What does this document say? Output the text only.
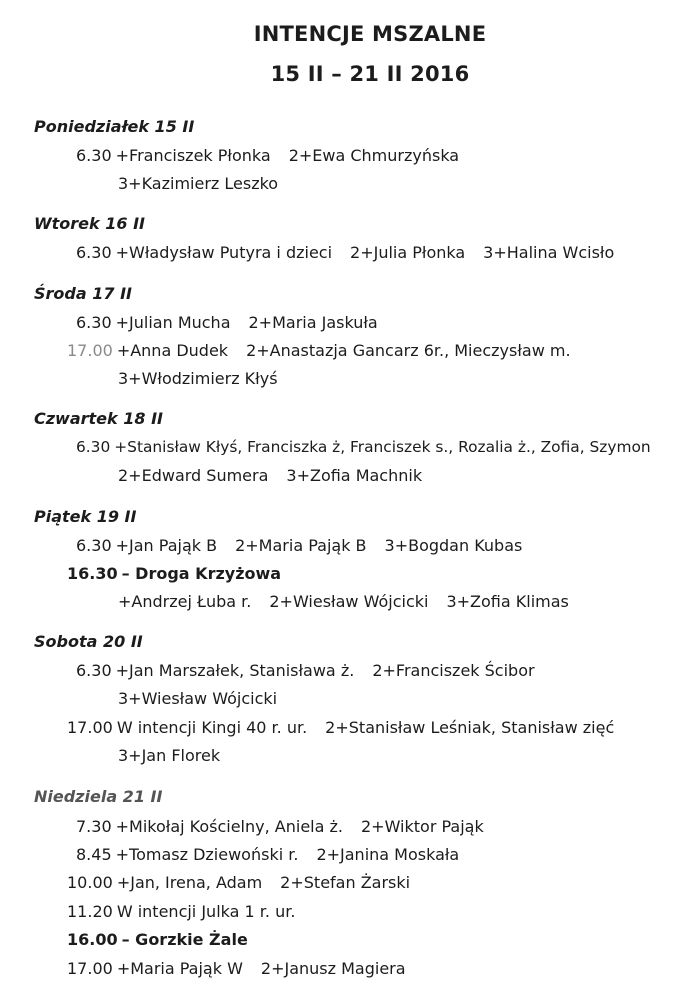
INTENCJE MSZALNE
15 II – 21 II 2016
Poniedziałek 15 II
6.30 +Franciszek Płonka 2+Ewa Chmurzyńska
3+Kazimierz Leszko
Wtorek 16 II
6.30 +Władysław Putyra i dzieci 2+Julia Płonka 3+Halina Wcisło
Środa 17 II
6.30 +Julian Mucha 2+Maria Jaskuła
17.00 +Anna Dudek 2+Anastazja Gancarz 6r., Mieczysław m.
3+Włodzimierz Kłyś
Czwartek 18 II
6.30 +Stanisław Kłyś, Franciszka ż, Franciszek s., Rozalia ż., Zofia, Szymon
2+Edward Sumera 3+Zofia Machnik
Piątek 19 II
6.30 +Jan Pająk B 2+Maria Pająk B 3+Bogdan Kubas
16.30 – Droga Krzyżowa
+Andrzej Łuba r. 2+Wiesław Wójcicki 3+Zofia Klimas
Sobota 20 II
6.30 +Jan Marszałek, Stanisława ż. 2+Franciszek Ścibor
3+Wiesław Wójcicki
17.00 W intencji Kingi 40 r. ur. 2+Stanisław Leśniak, Stanisław zięć
3+Jan Florek
Niedziela 21 II
7.30 +Mikołaj Kościelny, Aniela ż. 2+Wiktor Pająk
8.45 +Tomasz Dziewoński r. 2+Janina Moskała
10.00 +Jan, Irena, Adam 2+Stefan Żarski
11.20 W intencji Julka 1 r. ur.
16.00 – Gorzkie Żale
17.00 +Maria Pająk W 2+Janusz Magiera
